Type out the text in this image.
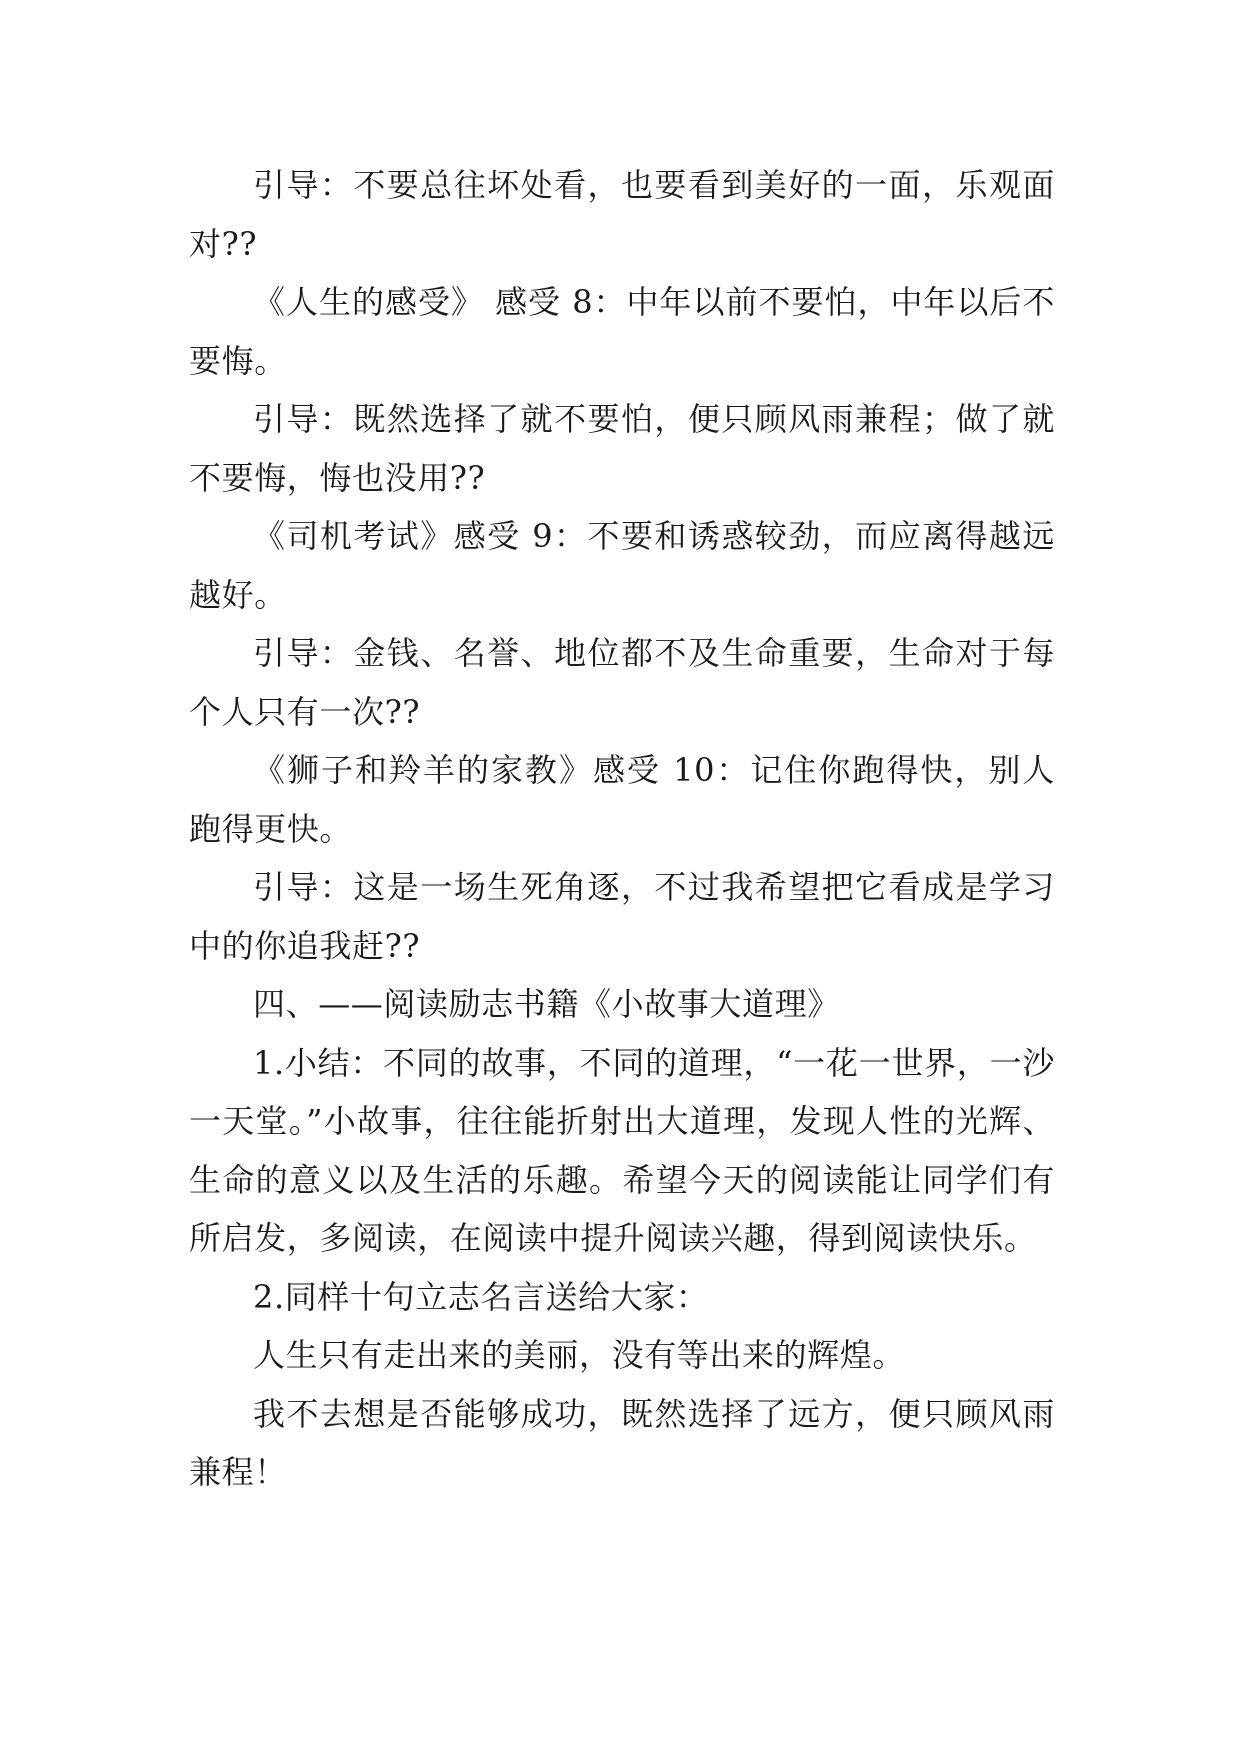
引导：不要总往坏处看，也要看到美好的一面，乐观面对??

《人生的感受》 感受 8：中年以前不要怕，中年以后不要悔。

引导：既然选择了就不要怕，便只顾风雨兼程；做了就不要悔，悔也没用??

《司机考试》感受 9：不要和诱惑较劲，而应离得越远越好。

引导：金钱、名誉、地位都不及生命重要，生命对于每个人只有一次??

《狮子和羚羊的家教》感受 10：记住你跑得快，别人跑得更快。

引导：这是一场生死角逐，不过我希望把它看成是学习中的你追我赶??

四、——阅读励志书籍《小故事大道理》

1.小结：不同的故事，不同的道理，“一花一世界，一沙一天堂。”小故事，往往能折射出大道理，发现人性的光辉、生命的意义以及生活的乐趣。希望今天的阅读能让同学们有所启发，多阅读，在阅读中提升阅读兴趣，得到阅读快乐。

2.同样十句立志名言送给大家：

人生只有走出来的美丽，没有等出来的辉煌。

我不去想是否能够成功，既然选择了远方，便只顾风雨兼程！
